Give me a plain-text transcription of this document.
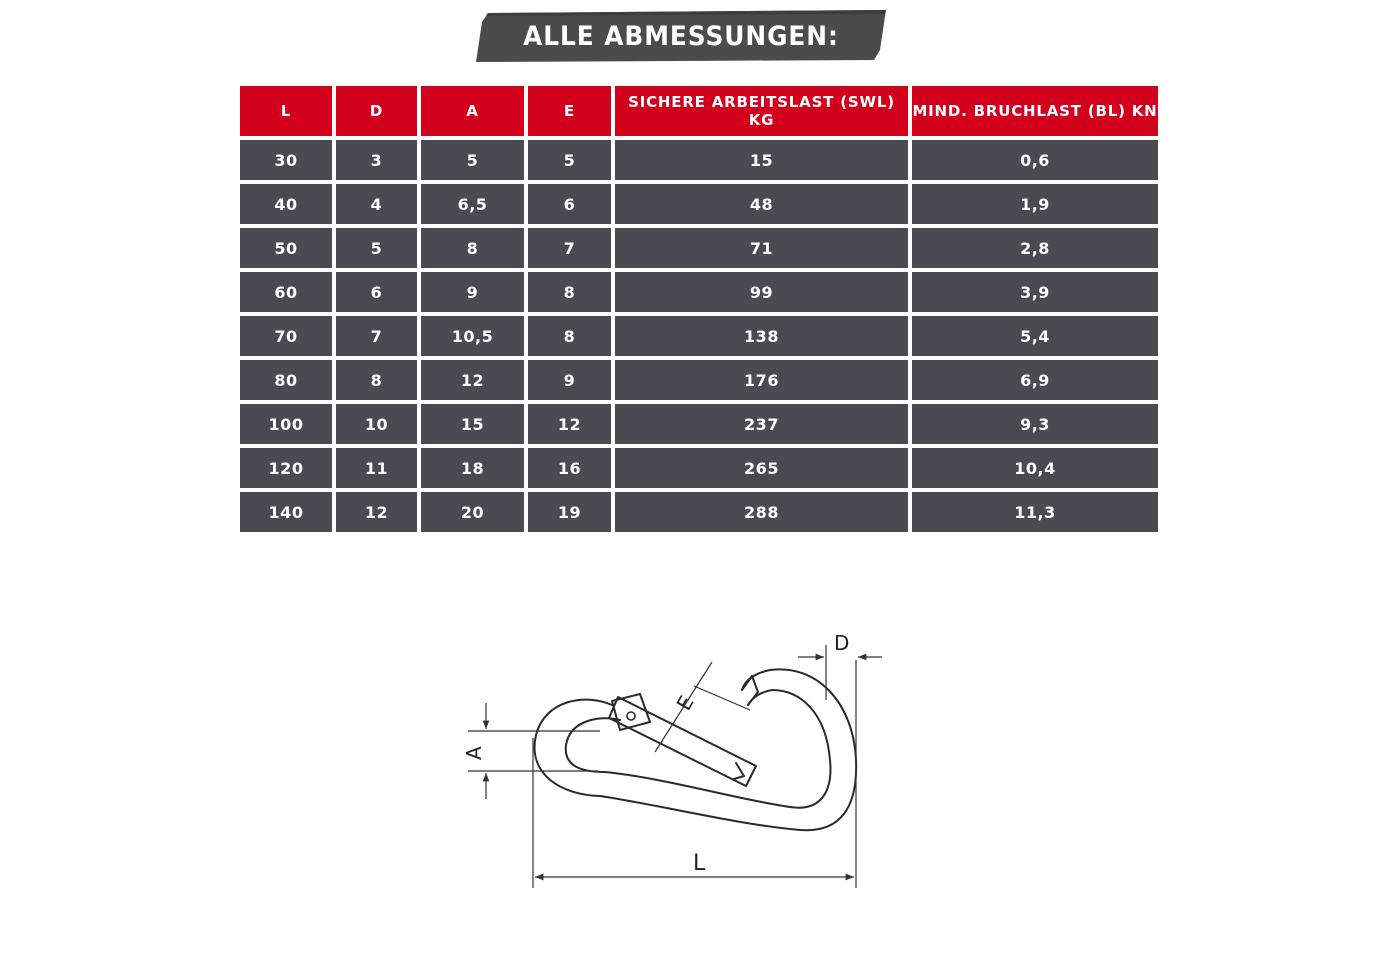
ALLE ABMESSUNGEN:
L	D	A	E	SICHERE ARBEITSLAST (SWL) KG	MIND. BRUCHLAST (BL) KN
30	3	5	5	15	0,6
40	4	6,5	6	48	1,9
50	5	8	7	71	2,8
60	6	9	8	99	3,9
70	7	10,5	8	138	5,4
80	8	12	9	176	6,9
100	10	15	12	237	9,3
120	11	18	16	265	10,4
140	12	20	19	288	11,3
L
D
A
E
